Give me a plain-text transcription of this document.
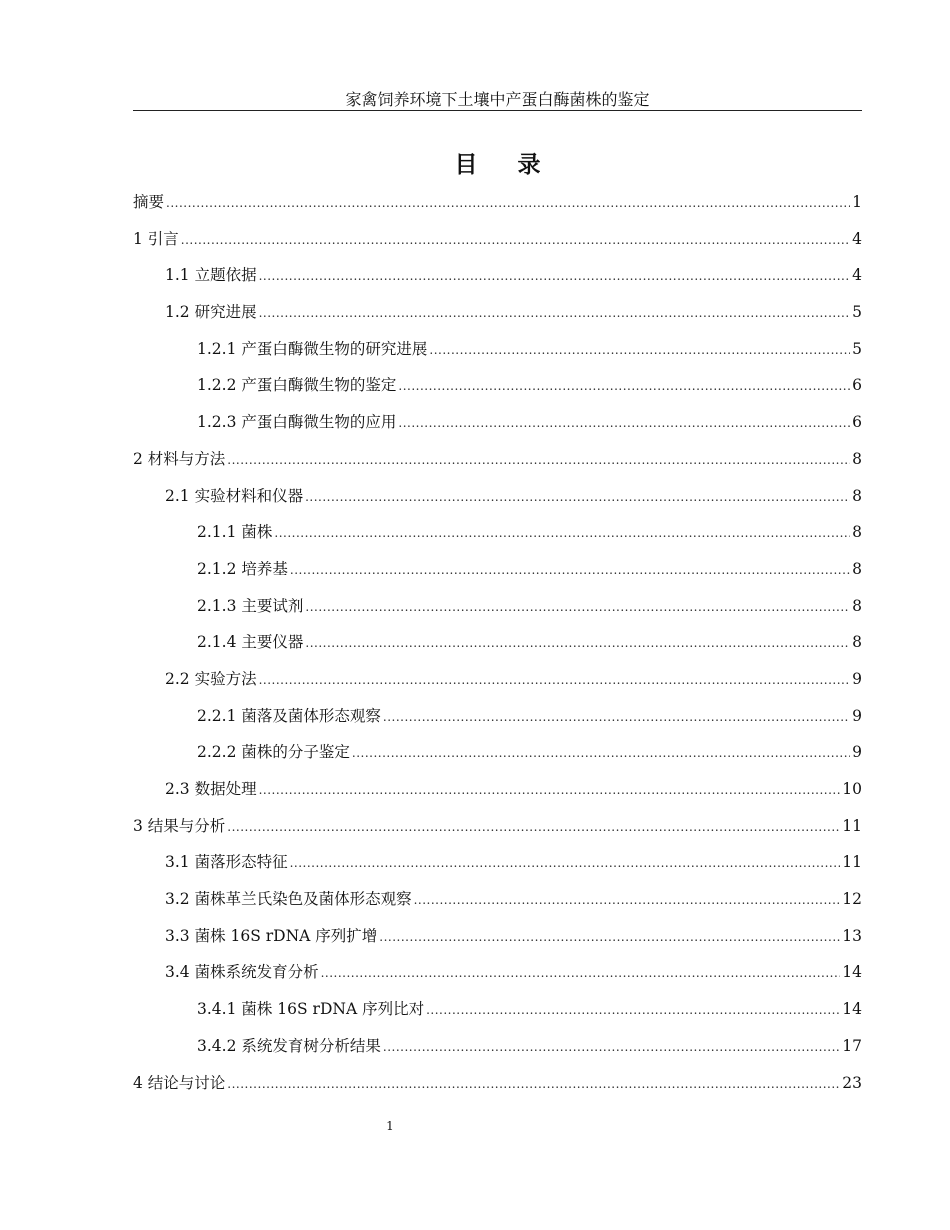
家禽饲养环境下土壤中产蛋白酶菌株的鉴定
目录
摘要 .....	1
1 引言 .....	4
1.1 立题依据 .....	4
1.2 研究进展 .....	5
1.2.1 产蛋白酶微生物的研究进展 .....	5
1.2.2 产蛋白酶微生物的鉴定 .....	6
1.2.3 产蛋白酶微生物的应用 .....	6
2 材料与方法 .....	8
2.1 实验材料和仪器 .....	8
2.1.1 菌株 .....	8
2.1.2 培养基 .....	8
2.1.3 主要试剂 .....	8
2.1.4 主要仪器 .....	8
2.2 实验方法 .....	9
2.2.1 菌落及菌体形态观察 .....	9
2.2.2 菌株的分子鉴定 .....	9
2.3 数据处理 .....	10
3 结果与分析 .....	11
3.1 菌落形态特征 .....	11
3.2 菌株革兰氏染色及菌体形态观察 .....	12
3.3 菌株 16S rDNA 序列扩增 .....	13
3.4 菌株系统发育分析 .....	14
3.4.1 菌株 16S rDNA 序列比对 .....	14
3.4.2 系统发育树分析结果 .....	17
4 结论与讨论 .....	23
1
